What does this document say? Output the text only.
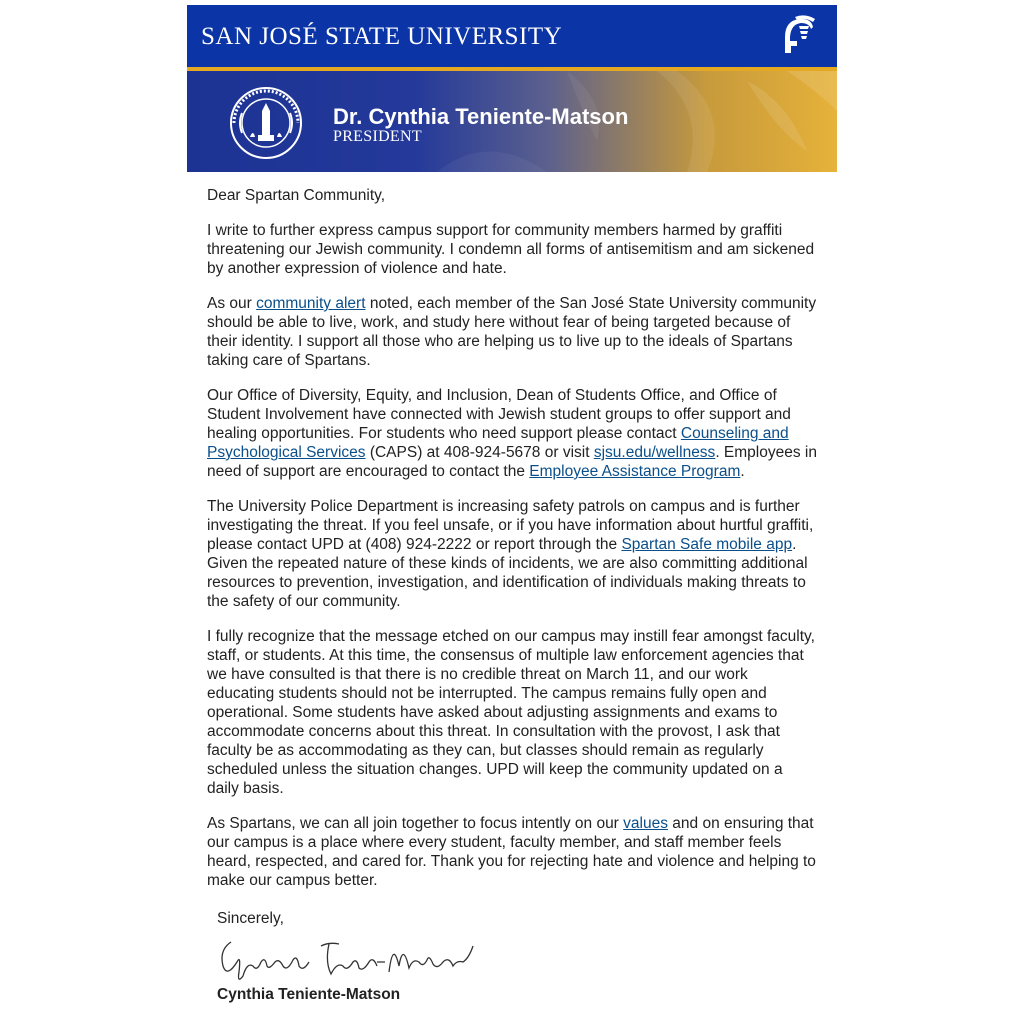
SAN JOSÉ STATE UNIVERSITY
Dr. Cynthia Teniente-Matson
PRESIDENT

Dear Spartan Community,

I write to further express campus support for community members harmed by graffiti threatening our Jewish community. I condemn all forms of antisemitism and am sickened by another expression of violence and hate.

As our community alert noted, each member of the San José State University community should be able to live, work, and study here without fear of being targeted because of their identity. I support all those who are helping us to live up to the ideals of Spartans taking care of Spartans.

Our Office of Diversity, Equity, and Inclusion, Dean of Students Office, and Office of Student Involvement have connected with Jewish student groups to offer support and healing opportunities. For students who need support please contact Counseling and Psychological Services (CAPS) at 408-924-5678 or visit sjsu.edu/wellness. Employees in need of support are encouraged to contact the Employee Assistance Program.

The University Police Department is increasing safety patrols on campus and is further investigating the threat. If you feel unsafe, or if you have information about hurtful graffiti, please contact UPD at (408) 924-2222 or report through the Spartan Safe mobile app. Given the repeated nature of these kinds of incidents, we are also committing additional resources to prevention, investigation, and identification of individuals making threats to the safety of our community.

I fully recognize that the message etched on our campus may instill fear amongst faculty, staff, or students. At this time, the consensus of multiple law enforcement agencies that we have consulted is that there is no credible threat on March 11, and our work educating students should not be interrupted. The campus remains fully open and operational. Some students have asked about adjusting assignments and exams to accommodate concerns about this threat. In consultation with the provost, I ask that faculty be as accommodating as they can, but classes should remain as regularly scheduled unless the situation changes. UPD will keep the community updated on a daily basis.

As Spartans, we can all join together to focus intently on our values and on ensuring that our campus is a place where every student, faculty member, and staff member feels heard, respected, and cared for. Thank you for rejecting hate and violence and helping to make our campus better.

Sincerely,

Cynthia Teniente-Matson

Cynthia Teniente-Matson
